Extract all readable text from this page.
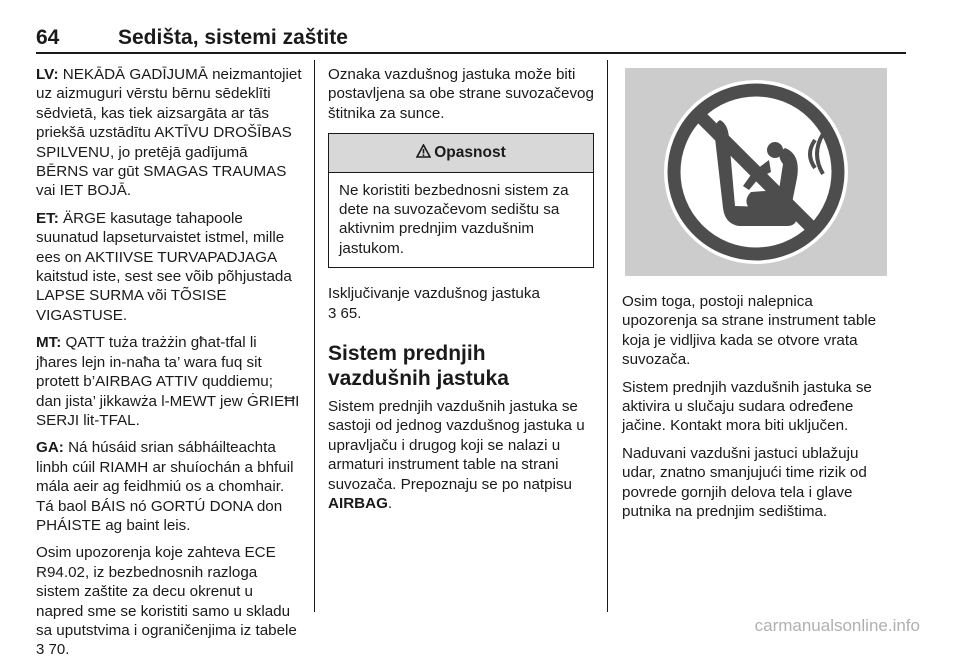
64	Sedišta, sistemi zaštite

LV: NEKĀDĀ GADĪJUMĀ neizmantojiet uz aizmuguri vērstu bērnu sēdeklīti sēdvietā, kas tiek aizsargāta ar tās priekšā uzstādītu AKTĪVU DROŠĪBAS SPILVENU, jo pretējā gadījumā BĒRNS var gūt SMAGAS TRAUMAS vai IET BOJĀ.

ET: ÄRGE kasutage tahapoole suunatud lapseturvaistet istmel, mille ees on AKTIIVSE TURVAPADJAGA kaitstud iste, sest see võib põhjustada LAPSE SURMA või TÕSISE VIGASTUSE.

MT: QATT tuża trażżin għat-tfal li jħares lejn in-naħa ta’ wara fuq sit protett b’AIRBAG ATTIV quddiemu; dan jista’ jikkawża l-MEWT jew ĠRIEĦI SERJI lit-TFAL.

GA: Ná húsáid srian sábháilteachta linbh cúil RIAMH ar shuíochán a bhfuil mála aeir ag feidhmiú os a chomhair. Tá baol BÁIS nó GORTÚ DONA don PHÁISTE ag baint leis.

Osim upozorenja koje zahteva ECE R94.02, iz bezbednosnih razloga sistem zaštite za decu okrenut u napred sme se koristiti samo u skladu sa uputstvima i ograničenjima iz tabele 3 70.

Oznaka vazdušnog jastuka može biti postavljena sa obe strane suvozačevog štitnika za sunce.

Opasnost
Ne koristiti bezbednosni sistem za dete na suvozačevom sedištu sa aktivnim prednjim vazdušnim jastukom.

Isključivanje vazdušnog jastuka
3 65.

Sistem prednjih vazdušnih jastuka

Sistem prednjih vazdušnih jastuka se sastoji od jednog vazdušnog jastuka u upravljaču i drugog koji se nalazi u armaturi instrument table na strani suvozača. Prepoznaju se po natpisu AIRBAG.

Osim toga, postoji nalepnica upozorenja sa strane instrument table koja je vidljiva kada se otvore vrata suvozača.

Sistem prednjih vazdušnih jastuka se aktivira u slučaju sudara određene jačine. Kontakt mora biti uključen.

Naduvani vazdušni jastuci ublažuju udar, znatno smanjujući time rizik od povrede gornjih delova tela i glave putnika na prednjim sedištima.

carmanualsonline.info
